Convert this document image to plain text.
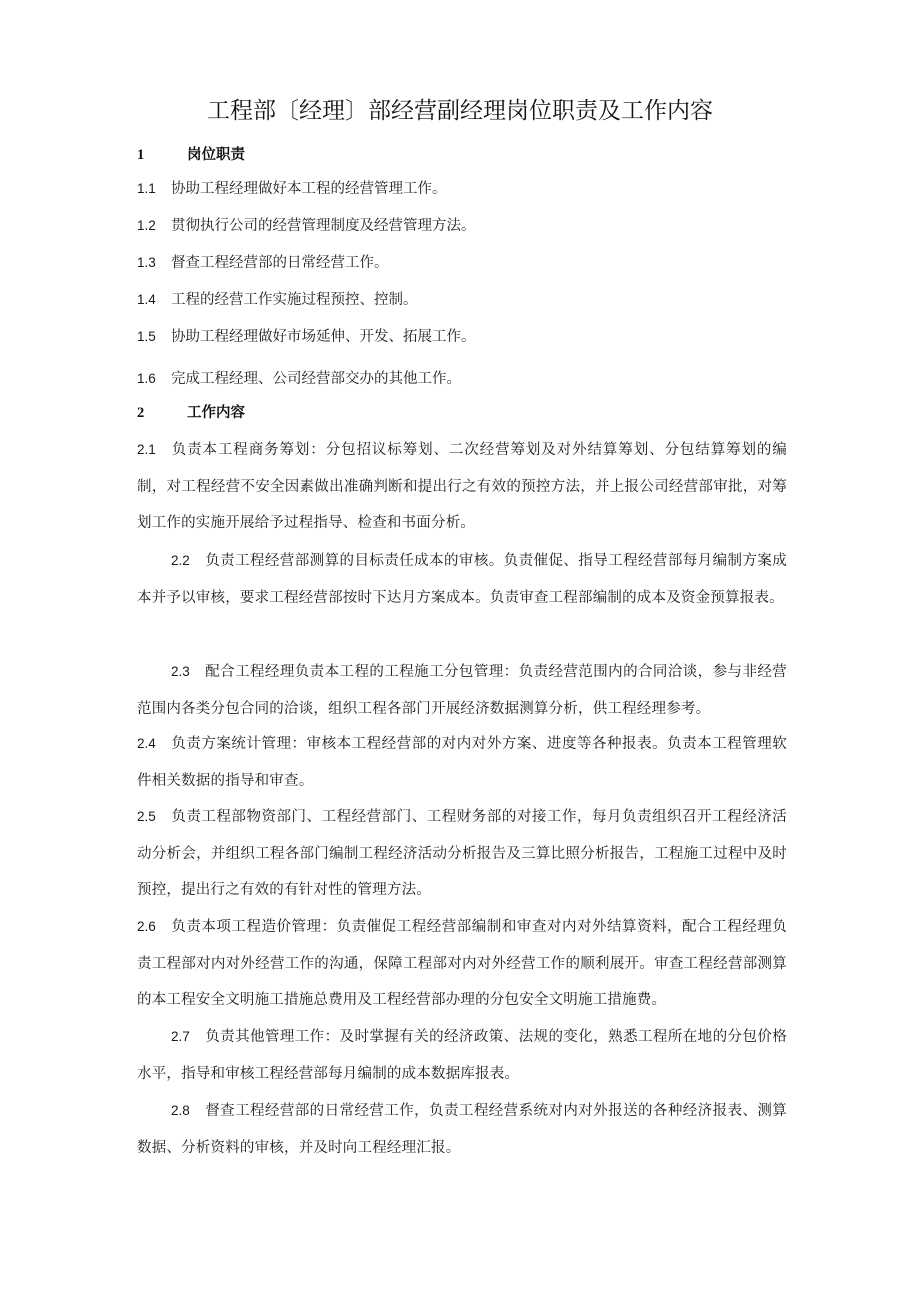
工程部〔经理〕部经营副经理岗位职责及工作内容
1	岗位职责
1.1 协助工程经理做好本工程的经营管理工作。
1.2 贯彻执行公司的经营管理制度及经营管理方法。
1.3 督查工程经营部的日常经营工作。
1.4 工程的经营工作实施过程预控、控制。
1.5 协助工程经理做好市场延伸、开发、拓展工作。
1.6 完成工程经理、公司经营部交办的其他工作。
2	工作内容
2.1 负责本工程商务筹划：分包招议标筹划、二次经营筹划及对外结算筹划、分包结算筹划的编制，对工程经营不安全因素做出准确判断和提出行之有效的预控方法，并上报公司经营部审批，对筹划工作的实施开展给予过程指导、检查和书面分析。
2.2 负责工程经营部测算的目标责任成本的审核。负责催促、指导工程经营部每月编制方案成本并予以审核，要求工程经营部按时下达月方案成本。负责审查工程部编制的成本及资金预算报表。
2.3 配合工程经理负责本工程的工程施工分包管理：负责经营范围内的合同洽谈，参与非经营范围内各类分包合同的洽谈，组织工程各部门开展经济数据测算分析，供工程经理参考。
2.4 负责方案统计管理：审核本工程经营部的对内对外方案、进度等各种报表。负责本工程管理软件相关数据的指导和审查。
2.5 负责工程部物资部门、工程经营部门、工程财务部的对接工作，每月负责组织召开工程经济活动分析会，并组织工程各部门编制工程经济活动分析报告及三算比照分析报告，工程施工过程中及时预控，提出行之有效的有针对性的管理方法。
2.6 负责本项工程造价管理：负责催促工程经营部编制和审查对内对外结算资料，配合工程经理负责工程部对内对外经营工作的沟通，保障工程部对内对外经营工作的顺利展开。审查工程经营部测算的本工程安全文明施工措施总费用及工程经营部办理的分包安全文明施工措施费。
2.7 负责其他管理工作：及时掌握有关的经济政策、法规的变化，熟悉工程所在地的分包价格水平，指导和审核工程经营部每月编制的成本数据库报表。
2.8 督查工程经营部的日常经营工作，负责工程经营系统对内对外报送的各种经济报表、测算数据、分析资料的审核，并及时向工程经理汇报。
